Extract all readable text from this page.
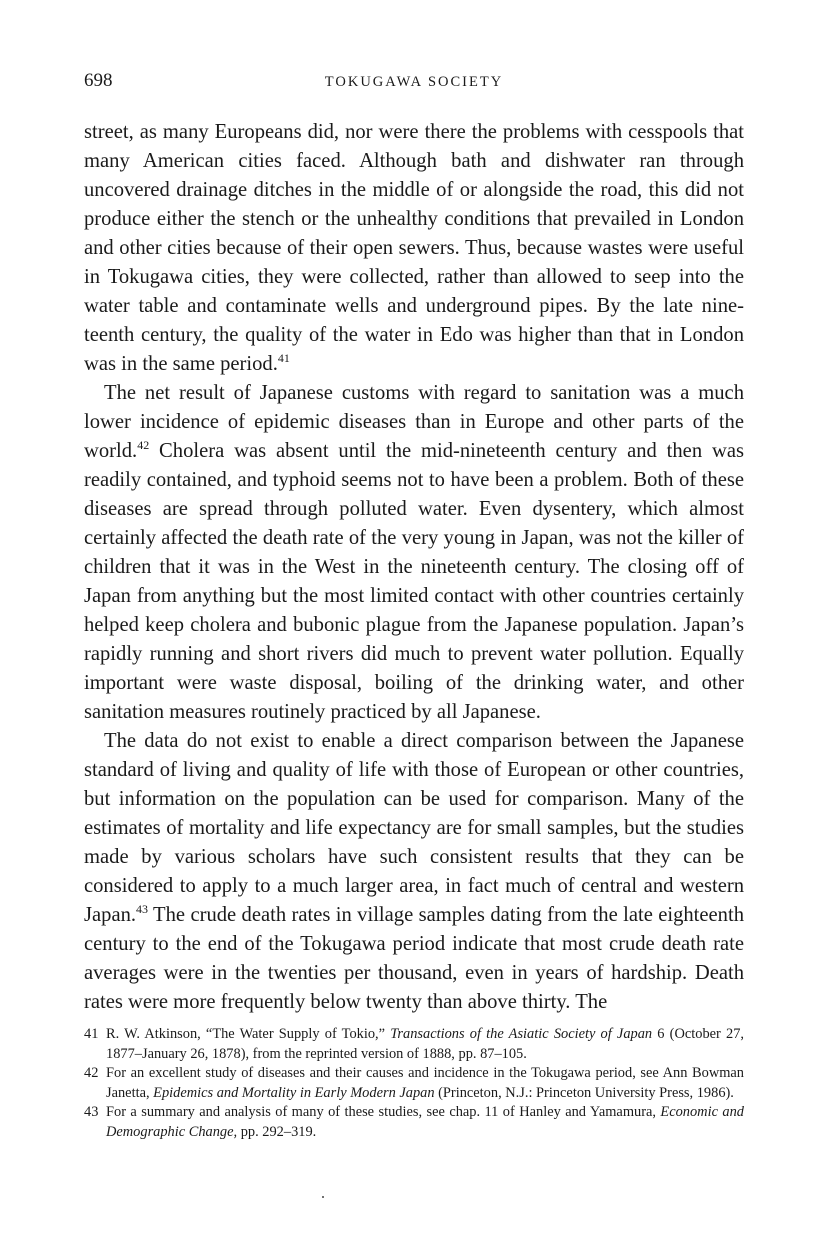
698	TOKUGAWA SOCIETY

street, as many Europeans did, nor were there the problems with cesspools that many American cities faced. Although bath and dishwater ran through uncovered drainage ditches in the middle of or alongside the road, this did not produce either the stench or the unhealthy conditions that prevailed in London and other cities because of their open sewers. Thus, because wastes were useful in Tokugawa cities, they were collected, rather than allowed to seep into the water table and contaminate wells and underground pipes. By the late nineteenth century, the quality of the water in Edo was higher than that in London was in the same period.$^{41}$

The net result of Japanese customs with regard to sanitation was a much lower incidence of epidemic diseases than in Europe and other parts of the world.$^{42}$ Cholera was absent until the mid-nineteenth century and then was readily contained, and typhoid seems not to have been a problem. Both of these diseases are spread through polluted water. Even dysentery, which almost certainly affected the death rate of the very young in Japan, was not the killer of children that it was in the West in the nineteenth century. The closing off of Japan from anything but the most limited contact with other countries certainly helped keep cholera and bubonic plague from the Japanese population. Japan’s rapidly running and short rivers did much to prevent water pollution. Equally important were waste disposal, boiling of the drinking water, and other sanitation measures routinely practiced by all Japanese.

The data do not exist to enable a direct comparison between the Japanese standard of living and quality of life with those of European or other countries, but information on the population can be used for comparison. Many of the estimates of mortality and life expectancy are for small samples, but the studies made by various scholars have such consistent results that they can be considered to apply to a much larger area, in fact much of central and western Japan.$^{43}$ The crude death rates in village samples dating from the late eighteenth century to the end of the Tokugawa period indicate that most crude death rate averages were in the twenties per thousand, even in years of hardship. Death rates were more frequently below twenty than above thirty. The

41 R. W. Atkinson, “The Water Supply of Tokio,” Transactions of the Asiatic Society of Japan 6 (October 27, 1877–January 26, 1878), from the reprinted version of 1888, pp. 87–105.

42 For an excellent study of diseases and their causes and incidence in the Tokugawa period, see Ann Bowman Janetta, Epidemics and Mortality in Early Modern Japan (Princeton, N.J.: Princeton University Press, 1986).

43 For a summary and analysis of many of these studies, see chap. 11 of Hanley and Yamamura, Economic and Demographic Change, pp. 292–319.
